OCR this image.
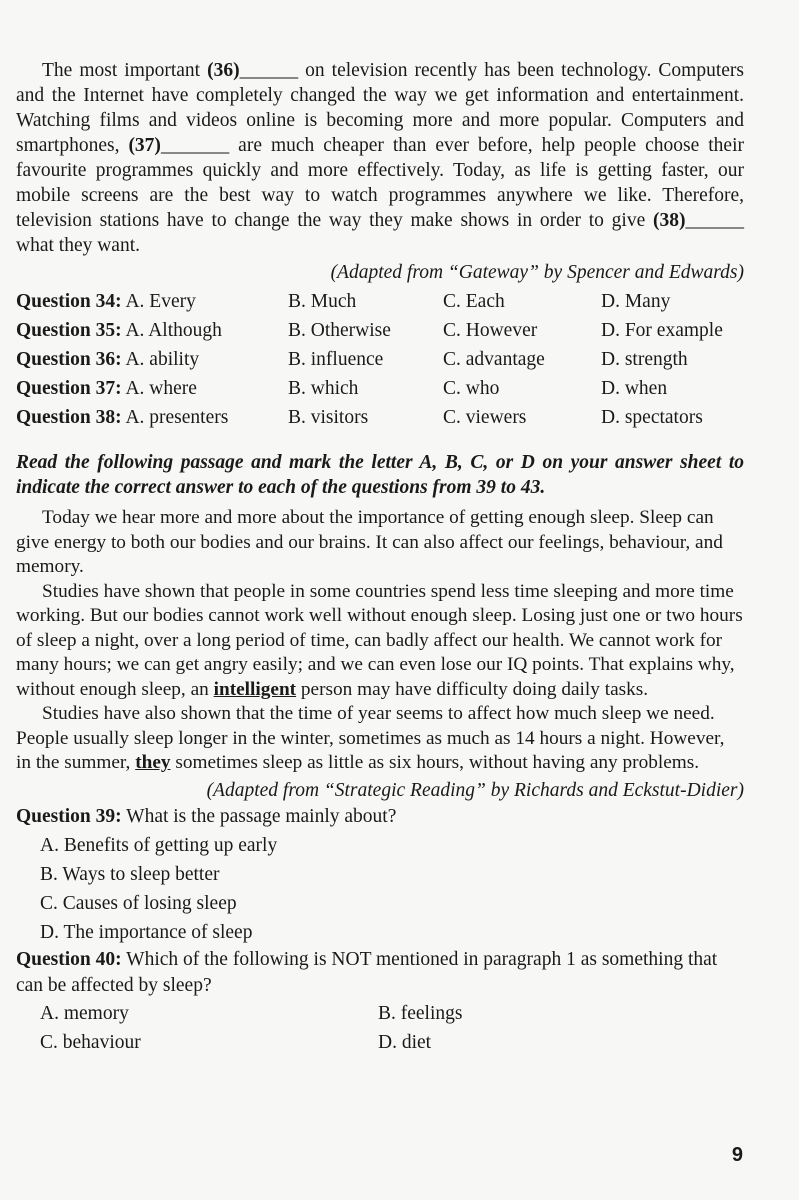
The most important (36)______ on television recently has been technology. Computers and the Internet have completely changed the way we get information and entertainment. Watching films and videos online is becoming more and more popular. Computers and smartphones, (37)_______ are much cheaper than ever before, help people choose their favourite programmes quickly and more effectively. Today, as life is getting faster, our mobile screens are the best way to watch programmes anywhere we like. Therefore, television stations have to change the way they make shows in order to give (38)______ what they want.

(Adapted from “Gateway” by Spencer and Edwards)

Question 34: A. Every	B. Much	C. Each	D. Many
Question 35: A. Although	B. Otherwise	C. However	D. For example
Question 36: A. ability	B. influence	C. advantage	D. strength
Question 37: A. where	B. which	C. who	D. when
Question 38: A. presenters	B. visitors	C. viewers	D. spectators

Read the following passage and mark the letter A, B, C, or D on your answer sheet to indicate the correct answer to each of the questions from 39 to 43.

Today we hear more and more about the importance of getting enough sleep. Sleep can give energy to both our bodies and our brains. It can also affect our feelings, behaviour, and memory.

Studies have shown that people in some countries spend less time sleeping and more time working. But our bodies cannot work well without enough sleep. Losing just one or two hours of sleep a night, over a long period of time, can badly affect our health. We cannot work for many hours; we can get angry easily; and we can even lose our IQ points. That explains why, without enough sleep, an intelligent person may have difficulty doing daily tasks.

Studies have also shown that the time of year seems to affect how much sleep we need. People usually sleep longer in the winter, sometimes as much as 14 hours a night. However, in the summer, they sometimes sleep as little as six hours, without having any problems.

(Adapted from “Strategic Reading” by Richards and Eckstut-Didier)

Question 39: What is the passage mainly about?

A. Benefits of getting up early

B. Ways to sleep better

C. Causes of losing sleep

D. The importance of sleep

Question 40: Which of the following is NOT mentioned in paragraph 1 as something that can be affected by sleep?

A. memory	B. feelings
C. behaviour	D. diet
9
